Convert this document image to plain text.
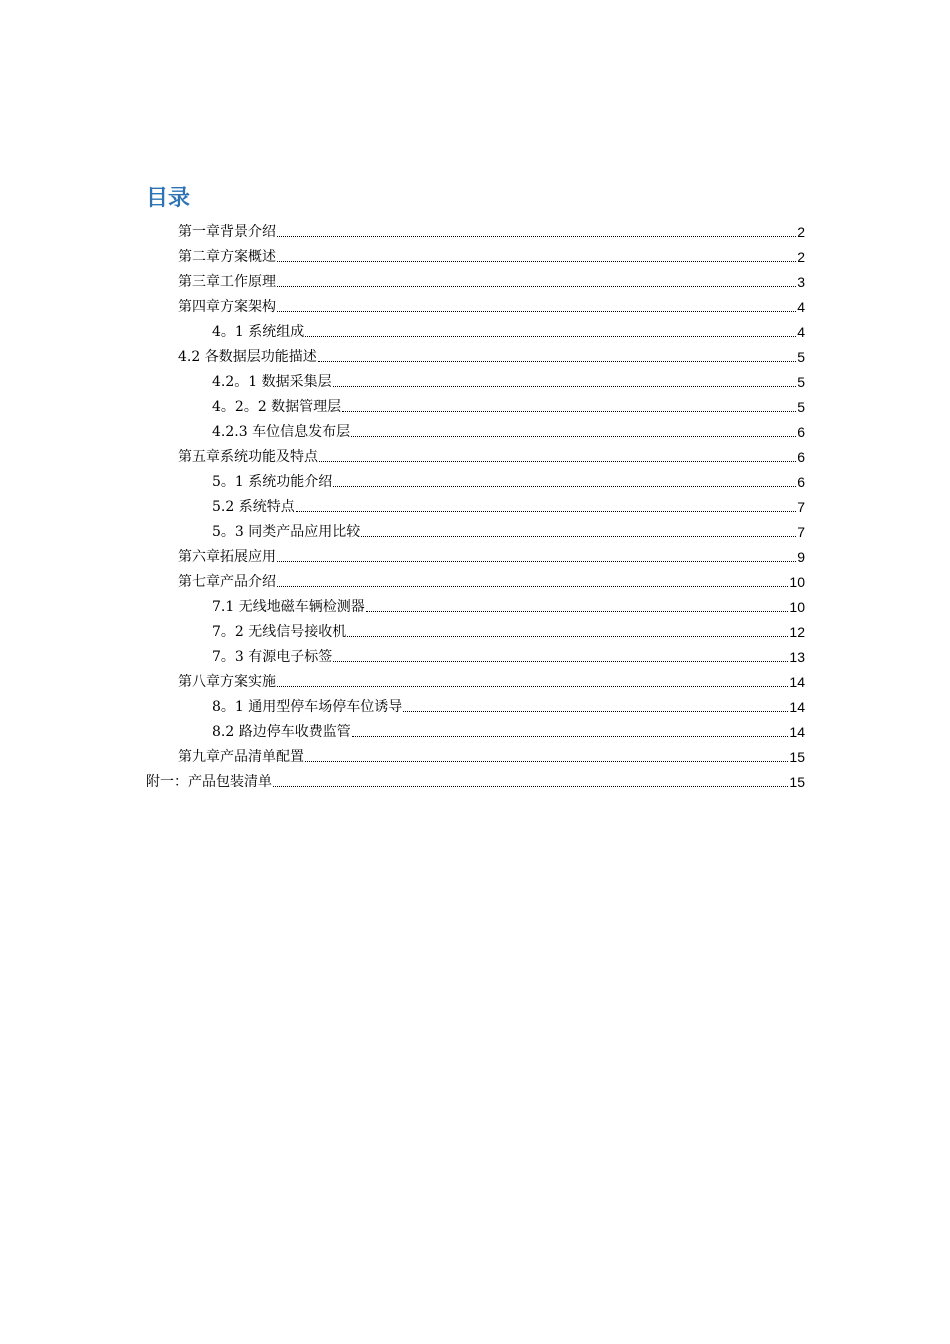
目录
第一章背景介绍	2
第二章方案概述	2
第三章工作原理	3
第四章方案架构	4
4。1 系统组成	4
4.2 各数据层功能描述	5
4.2。1 数据采集层	5
4。2。2 数据管理层	5
4.2.3 车位信息发布层	6
第五章系统功能及特点	6
5。1 系统功能介绍	6
5.2 系统特点	7
5。3 同类产品应用比较	7
第六章拓展应用	9
第七章产品介绍	10
7.1 无线地磁车辆检测器	10
7。2 无线信号接收机	12
7。3 有源电子标签	13
第八章方案实施	14
8。1 通用型停车场停车位诱导	14
8.2 路边停车收费监管	14
第九章产品清单配置	15
附一：产品包装清单	15
